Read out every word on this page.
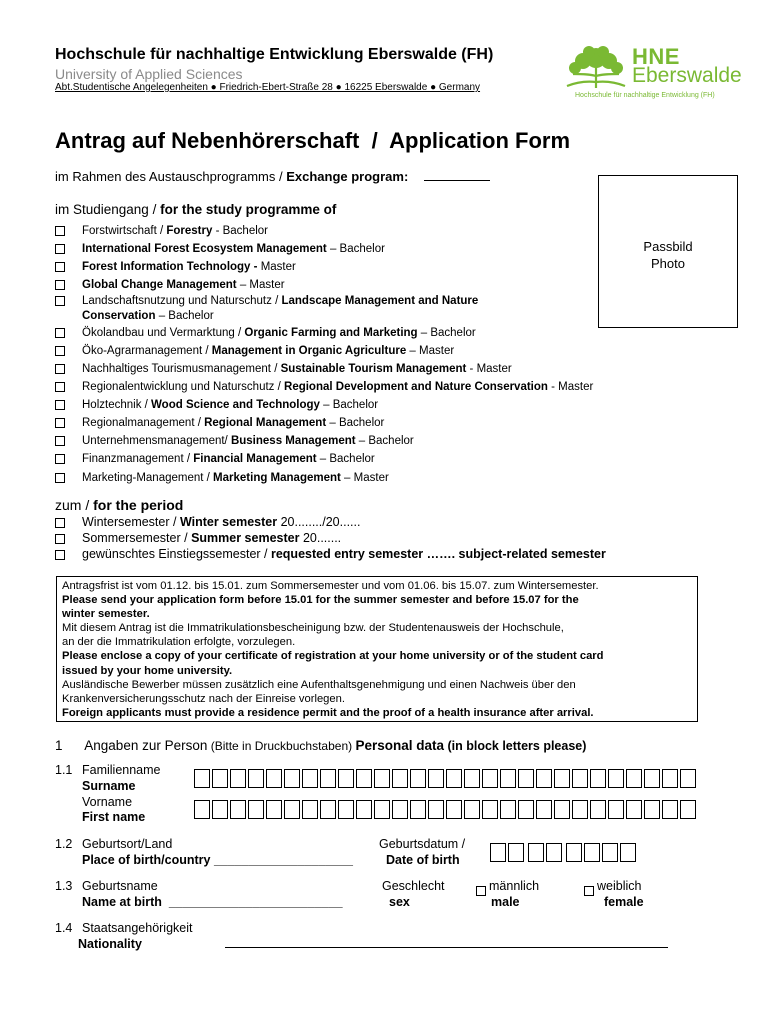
Hochschule für nachhaltige Entwicklung Eberswalde (FH)
University of Applied Sciences
Abt.Studentische Angelegenheiten ● Friedrich-Ebert-Straße 28 ● 16225 Eberswalde ● Germany
HNE
Eberswalde
Hochschule für nachhaltige Entwicklung (FH)
Antrag auf Nebenhörerschaft  /  Application Form
im Rahmen des Austauschprogramms / Exchange program:
im Studiengang / for the study programme of
Passbild
Photo
Forstwirtschaft / Forestry - Bachelor
International Forest Ecosystem Management – Bachelor
Forest Information Technology - Master
Global Change Management – Master
Landschaftsnutzung und Naturschutz / Landscape Management and Nature
Conservation – Bachelor
Ökolandbau und Vermarktung / Organic Farming and Marketing – Bachelor
Öko-Agrarmanagement / Management in Organic Agriculture – Master
Nachhaltiges Tourismusmanagement / Sustainable Tourism Management - Master
Regionalentwicklung und Naturschutz / Regional Development and Nature Conservation - Master
Holztechnik / Wood Science and Technology – Bachelor
Regionalmanagement / Regional Management – Bachelor
Unternehmensmanagement/ Business Management – Bachelor
Finanzmanagement / Financial Management – Bachelor
Marketing-Management / Marketing Management – Master
zum / for the period
Wintersemester / Winter semester 20......../20......
Sommersemester / Summer semester 20.......
gewünschtes Einstiegssemester / requested entry semester ……. subject-related semester
Antragsfrist ist vom 01.12. bis 15.01. zum Sommersemester und vom 01.06. bis 15.07. zum Wintersemester.
Please send your application form before 15.01 for the summer semester and before 15.07 for the
winter semester.
Mit diesem Antrag ist die Immatrikulationsbescheinigung bzw. der Studentenausweis der Hochschule,
an der die Immatrikulation erfolgte, vorzulegen.
Please enclose a copy of your certificate of registration at your home university or of the student card
issued by your home university.
Ausländische Bewerber müssen zusätzlich eine Aufenthaltsgenehmigung und einen Nachweis über den
Krankenversicherungsschutz nach der Einreise vorlegen.
Foreign applicants must provide a residence permit and the proof of a health insurance after arrival.
1 Angaben zur Person (Bitte in Druckbuchstaben) Personal data (in block letters please)
1.1 Familienname
Surname
Vorname
First name
1.2 Geburtsort/Land
Place of birth/country ____________________
Geburtsdatum /
Date of birth
1.3 Geburtsname
Name at birth  _________________________
Geschlecht
sex
männlich
male
weiblich
female
1.4 Staatsangehörigkeit
Nationality
